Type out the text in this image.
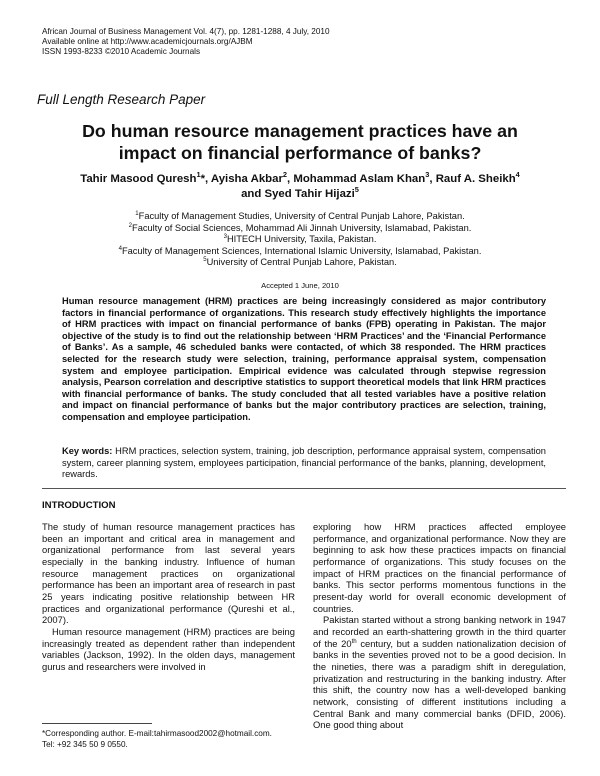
African Journal of Business Management Vol. 4(7), pp. 1281-1288, 4 July, 2010
Available online at http://www.academicjournals.org/AJBM
ISSN 1993-8233 ©2010 Academic Journals
Full Length Research Paper
Do human resource management practices have an impact on financial performance of banks?
Tahir Masood Quresh$^1$*, Ayisha Akbar$^2$, Mohammad Aslam Khan$^3$, Rauf A. Sheikh$^4$ and Syed Tahir Hijazi$^5$
$^1$Faculty of Management Studies, University of Central Punjab Lahore, Pakistan.
$^2$Faculty of Social Sciences, Mohammad Ali Jinnah University, Islamabad, Pakistan.
$^3$HITECH University, Taxila, Pakistan.
$^4$Faculty of Management Sciences, International Islamic University, Islamabad, Pakistan.
$^5$University of Central Punjab Lahore, Pakistan.
Accepted 1 June, 2010
Human resource management (HRM) practices are being increasingly considered as major contributory factors in financial performance of organizations. This research study effectively highlights the importance of HRM practices with impact on financial performance of banks (FPB) operating in Pakistan. The major objective of the study is to find out the relationship between ‘HRM Practices’ and the ‘Financial Performance of Banks’. As a sample, 46 scheduled banks were contacted, of which 38 responded. The HRM practices selected for the research study were selection, training, performance appraisal system, compensation system and employee participation. Empirical evidence was calculated through stepwise regression analysis, Pearson correlation and descriptive statistics to support theoretical models that link HRM practices with financial performance of banks. The study concluded that all tested variables have a positive relation and impact on financial performance of banks but the major contributory practices are selection, training, compensation and employee participation.
Key words: HRM practices, selection system, training, job description, performance appraisal system, compensation system, career planning system, employees participation, financial performance of the banks, planning, development, rewards.
INTRODUCTION

The study of human resource management practices has been an important and critical area in management and organizational performance from last several years especially in the banking industry. Influence of human resource management practices on organizational performance has been an important area of research in past 25 years indicating positive relationship between HR practices and organizational performance (Qureshi et al., 2007).

Human resource management (HRM) practices are being increasingly treated as dependent rather than independent variables (Jackson, 1992). In the olden days, management gurus and researchers were involved in

exploring how HRM practices affected employee performance, and organizational performance. Now they are beginning to ask how these practices impacts on financial performance of organizations. This study focuses on the impact of HRM practices on the financial performance of banks. This sector performs momentous functions in the present-day world for overall economic development of countries.

Pakistan started without a strong banking network in 1947 and recorded an earth-shattering growth in the third quarter of the 20th century, but a sudden nationalization decision of banks in the seventies proved not to be a good decision. In the nineties, there was a paradigm shift in deregulation, privatization and restructuring in the banking industry. After this shift, the country now has a well-developed banking network, consisting of different institutions including a Central Bank and many commercial banks (DFID, 2006). One good thing about

*Corresponding author. E-mail:tahirmasood2002@hotmail.com.
Tel: +92 345 50 9 0550.
